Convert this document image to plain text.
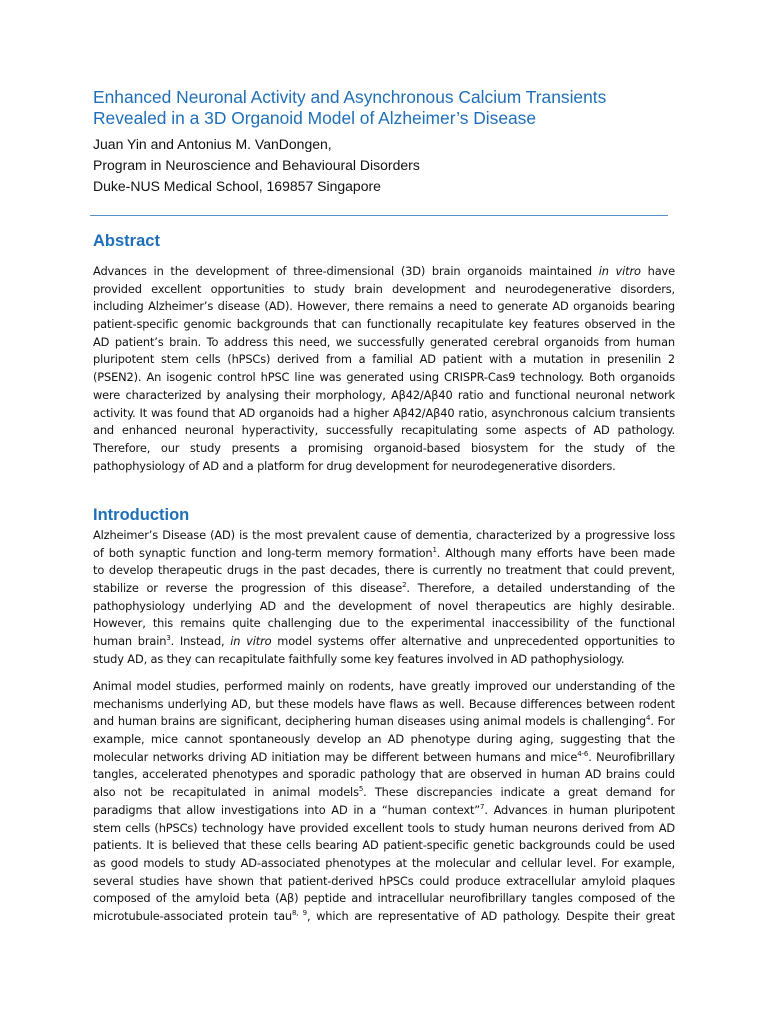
Enhanced Neuronal Activity and Asynchronous Calcium Transients
Revealed in a 3D Organoid Model of Alzheimer’s Disease
Juan Yin and Antonius M. VanDongen,
Program in Neuroscience and Behavioural Disorders
Duke-NUS Medical School, 169857 Singapore
Abstract

Advances in the development of three-dimensional (3D) brain organoids maintained in vitro have
provided excellent opportunities to study brain development and neurodegenerative disorders,
including Alzheimer’s disease (AD). However, there remains a need to generate AD organoids bearing
patient-specific genomic backgrounds that can functionally recapitulate key features observed in the
AD patient’s brain. To address this need, we successfully generated cerebral organoids from human
pluripotent stem cells (hPSCs) derived from a familial AD patient with a mutation in presenilin 2
(PSEN2). An isogenic control hPSC line was generated using CRISPR-Cas9 technology. Both organoids
were characterized by analysing their morphology, Aβ42/Aβ40 ratio and functional neuronal network
activity. It was found that AD organoids had a higher Aβ42/Aβ40 ratio, asynchronous calcium transients
and enhanced neuronal hyperactivity, successfully recapitulating some aspects of AD pathology.
Therefore, our study presents a promising organoid-based biosystem for the study of the
pathophysiology of AD and a platform for drug development for neurodegenerative disorders.

Introduction

Alzheimer’s Disease (AD) is the most prevalent cause of dementia, characterized by a progressive loss
of both synaptic function and long-term memory formation$^1$. Although many efforts have been made
to develop therapeutic drugs in the past decades, there is currently no treatment that could prevent,
stabilize or reverse the progression of this disease$^2$. Therefore, a detailed understanding of the
pathophysiology underlying AD and the development of novel therapeutics are highly desirable.
However, this remains quite challenging due to the experimental inaccessibility of the functional
human brain$^3$. Instead, in vitro model systems offer alternative and unprecedented opportunities to
study AD, as they can recapitulate faithfully some key features involved in AD pathophysiology.

Animal model studies, performed mainly on rodents, have greatly improved our understanding of the
mechanisms underlying AD, but these models have flaws as well. Because differences between rodent
and human brains are significant, deciphering human diseases using animal models is challenging$^4$. For
example, mice cannot spontaneously develop an AD phenotype during aging, suggesting that the
molecular networks driving AD initiation may be different between humans and mice$^{4-6}$. Neurofibrillary
tangles, accelerated phenotypes and sporadic pathology that are observed in human AD brains could
also not be recapitulated in animal models$^5$. These discrepancies indicate a great demand for
paradigms that allow investigations into AD in a “human context”$^7$. Advances in human pluripotent
stem cells (hPSCs) technology have provided excellent tools to study human neurons derived from AD
patients. It is believed that these cells bearing AD patient-specific genetic backgrounds could be used
as good models to study AD-associated phenotypes at the molecular and cellular level. For example,
several studies have shown that patient-derived hPSCs could produce extracellular amyloid plaques
composed of the amyloid beta (Aβ) peptide and intracellular neurofibrillary tangles composed of the
microtubule-associated protein tau$^{8, 9}$, which are representative of AD pathology. Despite their great
